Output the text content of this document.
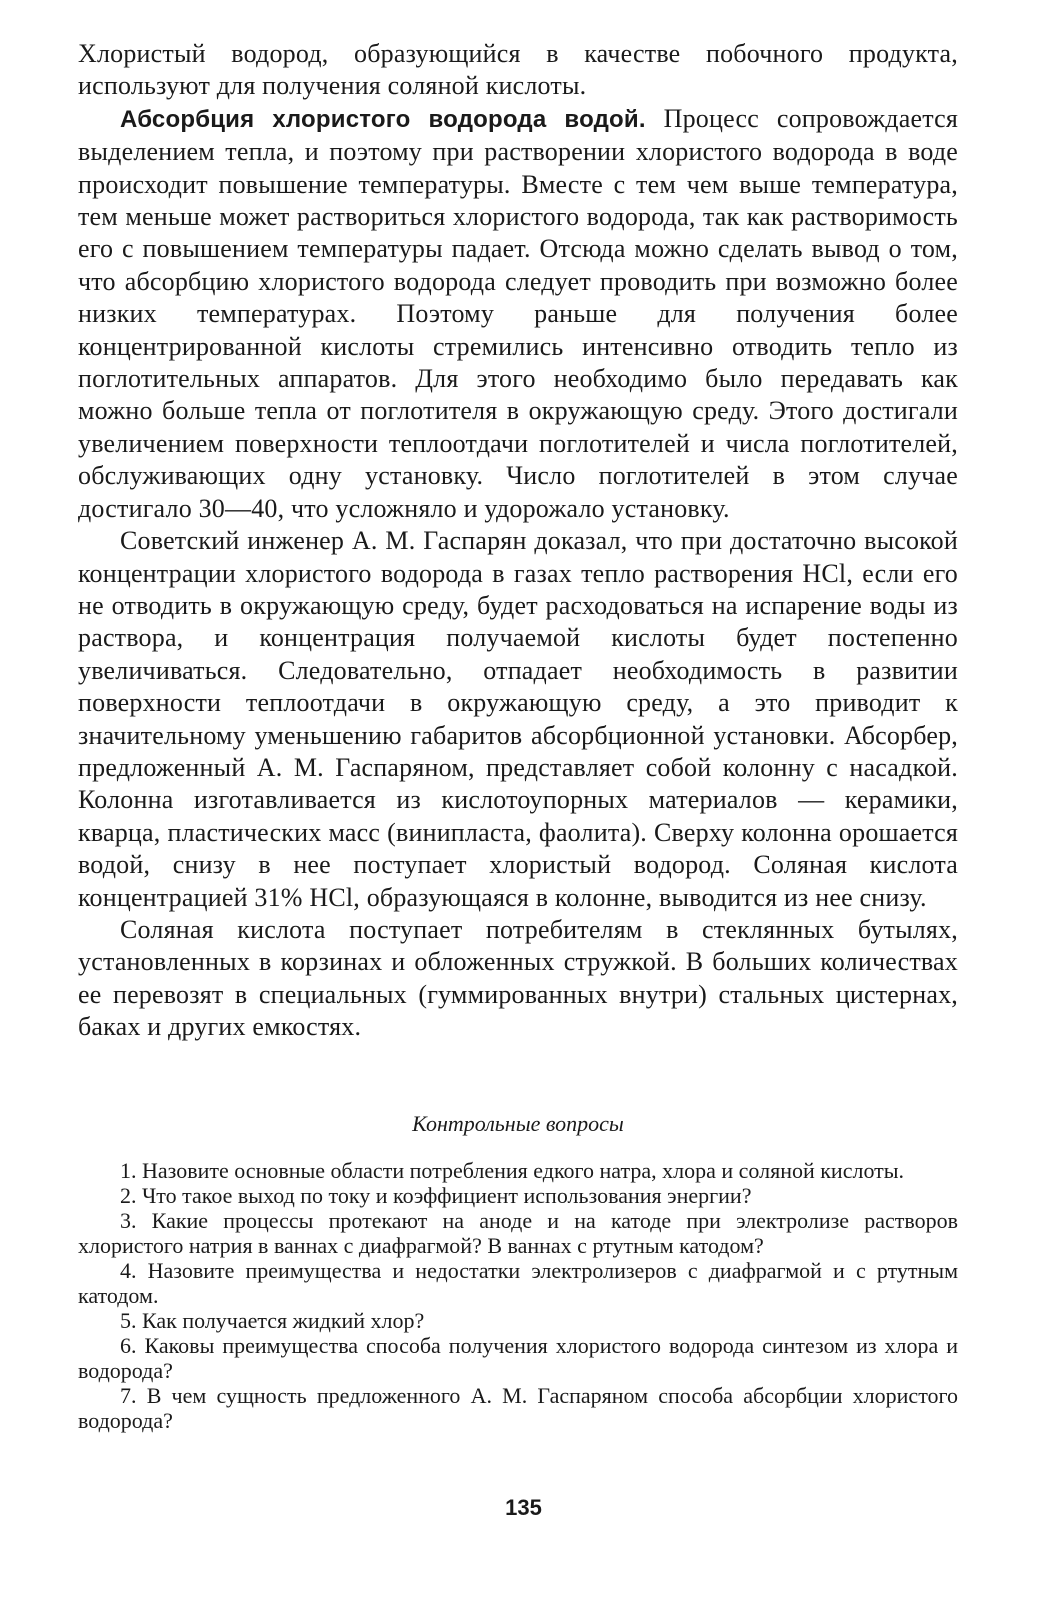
Хлористый водород, образующийся в качестве побочного продукта, используют для получения соляной кислоты.

Абсорбция хлористого водорода водой. Процесс сопровождается выделением тепла, и поэтому при растворении хлористого водорода в воде происходит повышение температуры. Вместе с тем чем выше температура, тем меньше может раствориться хлористого водорода, так как растворимость его с повышением температуры падает. Отсюда можно сделать вывод о том, что абсорбцию хлористого водорода следует проводить при возможно более низких температурах. Поэтому раньше для получения более концентрированной кислоты стремились интенсивно отводить тепло из поглотительных аппаратов. Для этого необходимо было передавать как можно больше тепла от поглотителя в окружающую среду. Этого достигали увеличением поверхности теплоотдачи поглотителей и числа поглотителей, обслуживающих одну установку. Число поглотителей в этом случае достигало 30—40, что усложняло и удорожало установку.

Советский инженер А. М. Гаспарян доказал, что при достаточно высокой концентрации хлористого водорода в газах тепло растворения HCl, если его не отводить в окружающую среду, будет расходоваться на испарение воды из раствора, и концентрация получаемой кислоты будет постепенно увеличиваться. Следовательно, отпадает необходимость в развитии поверхности теплоотдачи в окружающую среду, а это приводит к значительному уменьшению габаритов абсорбционной установки. Абсорбер, предложенный А. М. Гаспаряном, представляет собой колонну с насадкой. Колонна изготавливается из кислотоупорных материалов — керамики, кварца, пластических масс (винипласта, фаолита). Сверху колонна орошается водой, снизу в нее поступает хлористый водород. Соляная кислота концентрацией 31% HCl, образующаяся в колонне, выводится из нее снизу.

Соляная кислота поступает потребителям в стеклянных бутылях, установленных в корзинах и обложенных стружкой. В больших количествах ее перевозят в специальных (гуммированных внутри) стальных цистернах, баках и других емкостях.

Контрольные вопросы

1. Назовите основные области потребления едкого натра, хлора и соляной кислоты.

2. Что такое выход по току и коэффициент использования энергии?

3. Какие процессы протекают на аноде и на катоде при электролизе растворов хлористого натрия в ваннах с диафрагмой? В ваннах с ртутным катодом?

4. Назовите преимущества и недостатки электролизеров с диафрагмой и с ртутным катодом.

5. Как получается жидкий хлор?

6. Каковы преимущества способа получения хлористого водорода синтезом из хлора и водорода?

7. В чем сущность предложенного А. М. Гаспаряном способа абсорбции хлористого водорода?

135
